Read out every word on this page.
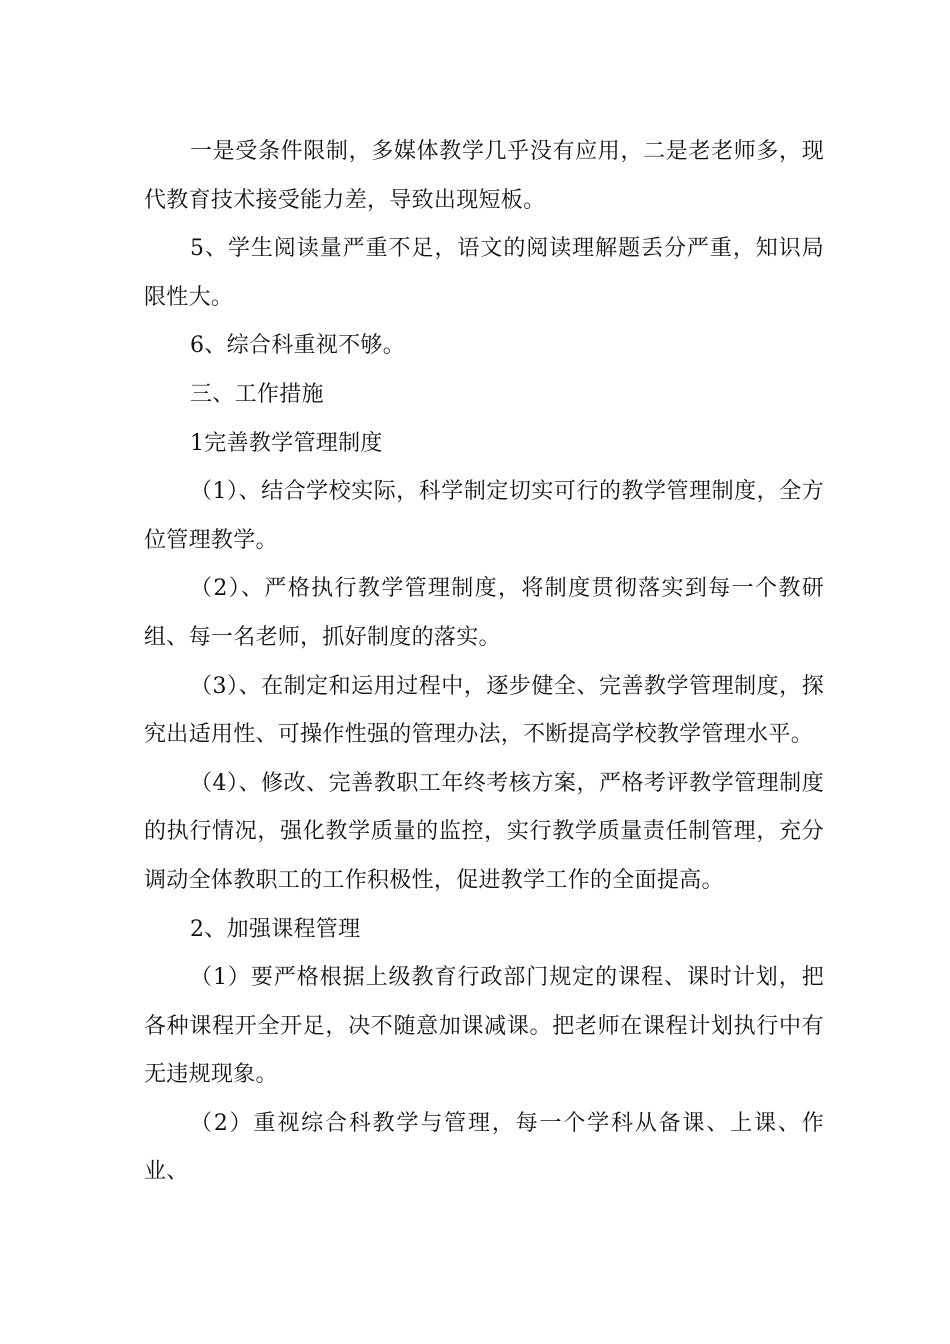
一是受条件限制，多媒体教学几乎没有应用，二是老老师多，现代教育技术接受能力差，导致出现短板。

5、学生阅读量严重不足，语文的阅读理解题丢分严重，知识局限性大。

6、综合科重视不够。

三、工作措施

1完善教学管理制度

（1）、结合学校实际，科学制定切实可行的教学管理制度，全方位管理教学。

（2）、严格执行教学管理制度，将制度贯彻落实到每一个教研组、每一名老师，抓好制度的落实。

（3）、在制定和运用过程中，逐步健全、完善教学管理制度，探究出适用性、可操作性强的管理办法，不断提高学校教学管理水平。

（4）、修改、完善教职工年终考核方案，严格考评教学管理制度的执行情况，强化教学质量的监控，实行教学质量责任制管理，充分调动全体教职工的工作积极性，促进教学工作的全面提高。

2、加强课程管理

（1）要严格根据上级教育行政部门规定的课程、课时计划，把各种课程开全开足，决不随意加课减课。把老师在课程计划执行中有无违规现象。

（2）重视综合科教学与管理，每一个学科从备课、上课、作业、
